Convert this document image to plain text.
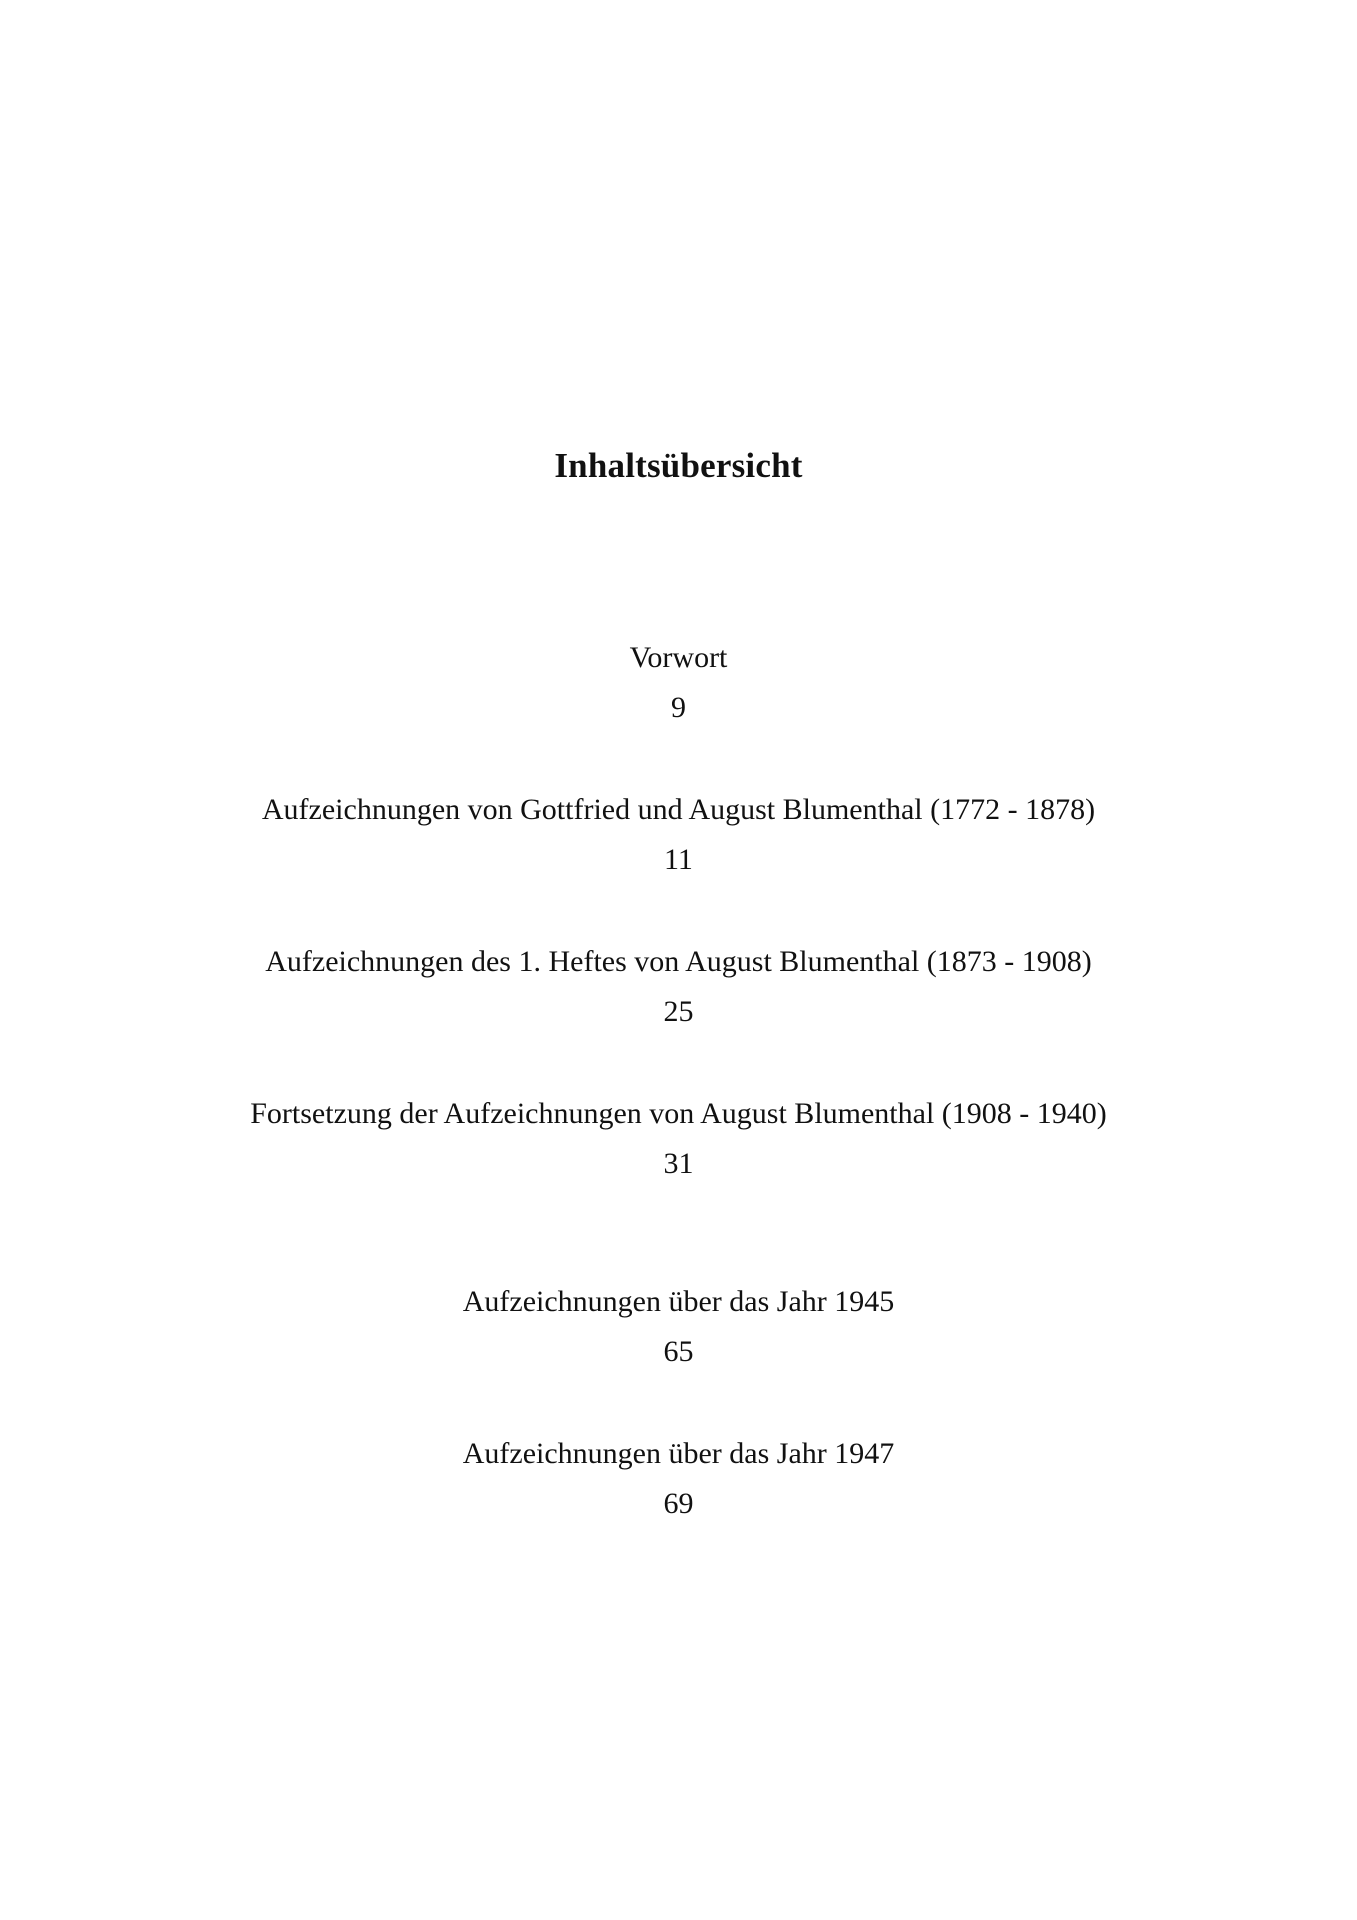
Inhaltsübersicht
Vorwort
9
Aufzeichnungen von Gottfried und August Blumenthal (1772 - 1878)
11
Aufzeichnungen des 1. Heftes von August Blumenthal (1873 - 1908)
25
Fortsetzung der Aufzeichnungen von August Blumenthal (1908 - 1940)
31
Aufzeichnungen über das Jahr 1945
65
Aufzeichnungen über das Jahr 1947
69
